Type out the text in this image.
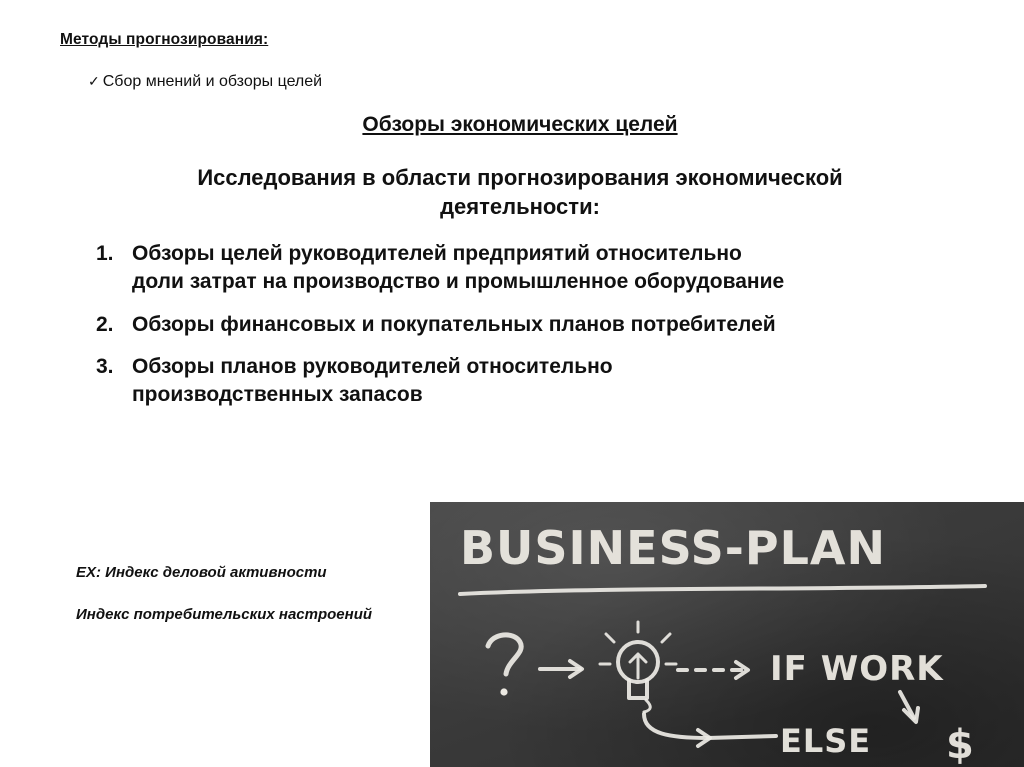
Методы прогнозирования:
✓ Сбор мнений и обзоры целей
Обзоры экономических целей
Исследования в области прогнозирования экономической деятельности:
1. Обзоры целей руководителей предприятий относительно доли затрат на производство и промышленное оборудование
2. Обзоры финансовых и покупательных планов потребителей
3. Обзоры планов руководителей относительно производственных запасов
EX: Индекс деловой активности
Индекс потребительских настроений
BUSINESS-PLAN
IF WORK
ELSE $
